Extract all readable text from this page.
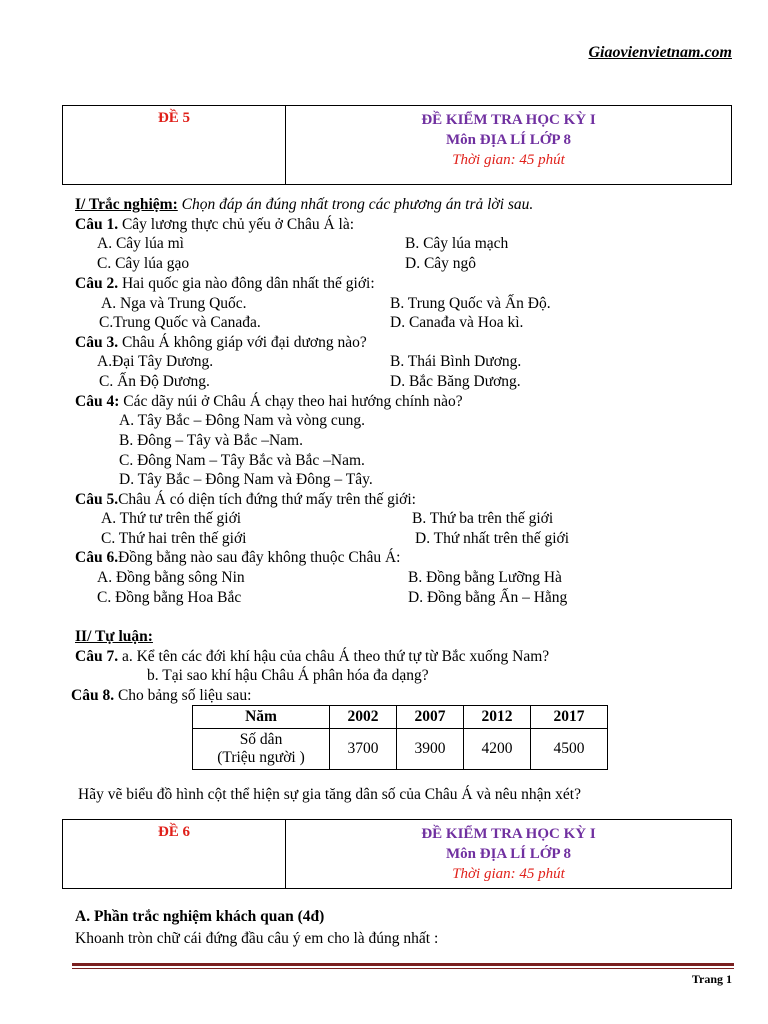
Giaovienvietnam.com
ĐỀ 5	ĐỀ KIỂM TRA HỌC KỲ I
Môn ĐỊA LÍ LỚP 8
Thời gian: 45 phút
I/ Trắc nghiệm: Chọn đáp án đúng nhất trong các phương án trả lời sau.
Câu 1. Cây lương thực chủ yếu ở Châu Á là:
A. Cây lúa mì	B. Cây lúa mạch
C. Cây lúa gạo	D. Cây ngô
Câu 2. Hai quốc gia nào đông dân nhất thế giới:
A. Nga và Trung Quốc.	B. Trung Quốc và Ấn Độ.
C.Trung Quốc và Canađa.	D. Canađa và Hoa kì.
Câu 3. Châu Á không giáp với đại dương nào?
A.Đại Tây Dương.	B. Thái Bình Dương.
C. Ấn Độ Dương.	D. Bắc Băng Dương.
Câu 4: Các dãy núi ở Châu Á chạy theo hai hướng chính nào?
A. Tây Bắc – Đông Nam và vòng cung.
B. Đông – Tây và Bắc –Nam.
C. Đông Nam – Tây Bắc và Bắc –Nam.
D. Tây Bắc – Đông Nam và Đông – Tây.
Câu 5.Châu Á có diện tích đứng thứ mấy trên thế giới:
A. Thứ tư trên thế giới	B. Thứ ba trên thế giới
C. Thứ hai trên thế giới	D. Thứ nhất trên thế giới
Câu 6.Đồng bằng nào sau đây không thuộc Châu Á:
A. Đồng bằng sông Nin	B. Đồng bằng Lưỡng Hà
C. Đồng bằng Hoa Bắc	D. Đồng bằng Ấn – Hằng
II/ Tự luận:
Câu 7. a. Kể tên các đới khí hậu của châu Á theo thứ tự từ Bắc xuống Nam?
b. Tại sao khí hậu Châu Á phân hóa đa dạng?
Câu 8. Cho bảng số liệu sau:
Năm	2002	2007	2012	2017

Số dân
(Triệu người )	3700	3900	4200	4500
Hãy vẽ biểu đồ hình cột thể hiện sự gia tăng dân số của Châu Á và nêu nhận xét?
ĐỀ 6	ĐỀ KIỂM TRA HỌC KỲ I
Môn ĐỊA LÍ LỚP 8
Thời gian: 45 phút
A. Phần trắc nghiệm khách quan (4đ)
Khoanh tròn chữ cái đứng đầu câu ý em cho là đúng nhất :
Trang 1
